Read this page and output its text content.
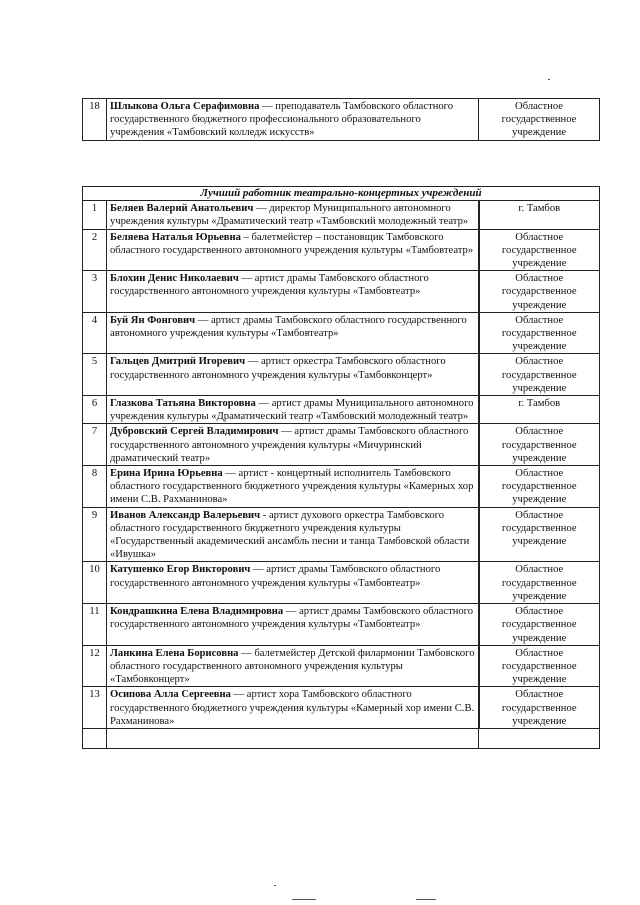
18	Шлыкова Ольга Серафимовна — преподаватель Тамбовского областного государственного бюджетного профессионального образовательного учреждения «Тамбовский колледж искусств»	Областное государственное учреждение
Лучший работник театрально-концертных учреждений		
1	Беляев Валерий Анатольевич — директор Муниципального автономного учреждения культуры «Драматический театр «Тамбовский молодежный театр»	г. Тамбов
2	Беляева Наталья Юрьевна – балетмейстер – постановщик Тамбовского областного государственного автономного учреждения культуры «Тамбовтеатр»	Областное государственное учреждение
3	Блохин Денис Николаевич — артист драмы Тамбовского областного государственного автономного учреждения культуры «Тамбовтеатр»	Областное государственное учреждение
4	Буй Ян Фонгович — артист драмы Тамбовского областного государственного автономного учреждения культуры «Тамбовтеатр»	Областное государственное учреждение
5	Гальцев Дмитрий Игоревич — артист оркестра Тамбовского областного государственного автономного учреждения культуры «Тамбовконцерт»	Областное государственное учреждение
6	Глазкова Татьяна Викторовна — артист драмы Муниципального автономного учреждения культуры «Драматический театр «Тамбовский молодежный театр»	г. Тамбов
7	Дубровский Сергей Владимирович — артист драмы Тамбовского областного государственного автономного учреждения культуры «Мичуринский драматический театр»	Областное государственное учреждение
8	Ерина Ирина Юрьевна — артист - концертный исполнитель Тамбовского областного государственного бюджетного учреждения культуры «Камерных хор имени С.В. Рахманинова»	Областное государственное учреждение
9	Иванов Александр Валерьевич - артист духового оркестра Тамбовского областного государственного бюджетного учреждения культуры «Государственный академический ансамбль песни и танца Тамбовской области «Ивушка»	Областное государственное учреждение
10	Катушенко Егор Викторович — артист драмы Тамбовского областного государственного автономного учреждения культуры «Тамбовтеатр»	Областное государственное учреждение
11	Кондрашкина Елена Владимировна — артист драмы Тамбовского областного государственного автономного учреждения культуры «Тамбовтеатр»	Областное государственное учреждение
12	Ланкина Елена Борисовна — балетмейстер Детской филармонии Тамбовского областного государственного автономного учреждения культуры «Тамбовконцерт»	Областное государственное учреждение
13	Осипова Алла Сергеевна — артист хора Тамбовского областного государственного бюджетного учреждения культуры «Камерный хор имени С.В. Рахманинова»	Областное государственное учреждение
